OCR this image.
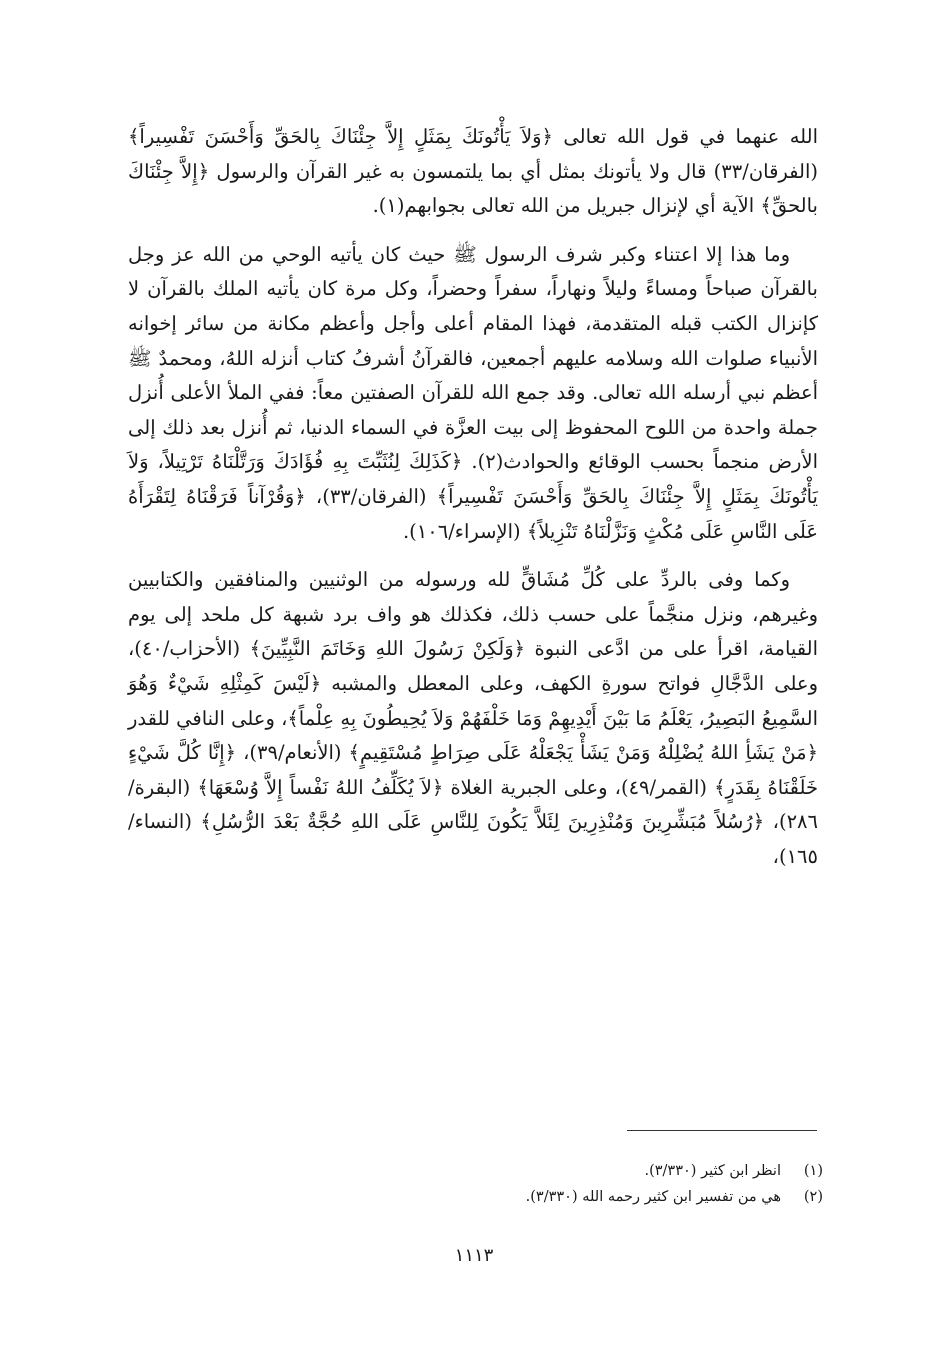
الله عنهما في قول الله تعالى ﴿وَلاَ يَأْتُونَكَ بِمَثَلٍ إِلاَّ جِئْنَاكَ بِالحَقِّ وَأَحْسَنَ تَفْسِيراً﴾ (الفرقان/٣٣) قال ولا يأتونك بمثل أي بما يلتمسون به غير القرآن والرسول ﴿إِلاَّ جِئْنَاكَ بالحقِّ﴾ الآية أي لإنزال جبريل من الله تعالى بجوابهم(١).

وما هذا إلا اعتناء وكبر شرف الرسول ﷺ حيث كان يأتيه الوحي من الله عز وجل بالقرآن صباحاً ومساءً وليلاً ونهاراً، سفراً وحضراً، وكل مرة كان يأتيه الملك بالقرآن لا كإنزال الكتب قبله المتقدمة، فهذا المقام أعلى وأجل وأعظم مكانة من سائر إخوانه الأنبياء صلوات الله وسلامه عليهم أجمعين، فالقرآنُ أشرفُ كتاب أنزله اللهُ، ومحمدٌ ﷺ أعظم نبي أرسله الله تعالى. وقد جمع الله للقرآن الصفتين معاً: ففي الملأ الأعلى أُنزل جملة واحدة من اللوح المحفوظ إلى بيت العزَّة في السماء الدنيا، ثم أُنزل بعد ذلك إلى الأرض منجماً بحسب الوقائع والحوادث(٢). ﴿كَذَلِكَ لِنُثَبِّتَ بِهِ فُؤَادَكَ وَرَتَّلْنَاهُ تَرْتِيلاً، وَلاَ يَأْتُونَكَ بِمَثَلٍ إِلاَّ جِئْنَاكَ بِالحَقِّ وَأَحْسَنَ تَفْسِيراً﴾ (الفرقان/٣٣)، ﴿وَقُرْآناً فَرَقْنَاهُ لِتَقْرَأَهُ عَلَى النَّاسِ عَلَى مُكْثٍ وَنَزَّلْنَاهُ تَنْزِيلاً﴾ (الإسراء/١٠٦).

وكما وفى بالردِّ على كُلِّ مُشَاقٍّ لله ورسوله من الوثنيين والمنافقين والكتابيين وغيرهم، ونزل منجَّماً على حسب ذلك، فكذلك هو واف برد شبهة كل ملحد إلى يوم القيامة، اقرأ على من ادَّعى النبوة ﴿وَلَكِنْ رَسُولَ اللهِ وَخَاتَمَ النَّبِيِّينَ﴾ (الأحزاب/٤٠)، وعلى الدَّجَّالِ فواتح سورةِ الكهف، وعلى المعطل والمشبه ﴿لَيْسَ كَمِثْلِهِ شَيْءٌ وَهُوَ السَّمِيعُ البَصِيرُ، يَعْلَمُ مَا بَيْنَ أَيْدِيهِمْ وَمَا خَلْفَهُمْ وَلاَ يُحِيطُونَ بِهِ عِلْماً﴾، وعلى النافي للقدر ﴿مَنْ يَشَأِ اللهُ يُضْلِلْهُ وَمَنْ يَشَأْ يَجْعَلْهُ عَلَى صِرَاطٍ مُسْتَقِيمٍ﴾ (الأنعام/٣٩)، ﴿إِنَّا كُلَّ شَيْءٍ خَلَقْنَاهُ بِقَدَرٍ﴾ (القمر/٤٩)، وعلى الجبرية الغلاة ﴿لاَ يُكَلِّفُ اللهُ نَفْساً إِلاَّ وُسْعَهَا﴾ (البقرة/٢٨٦)، ﴿رُسُلاً مُبَشِّرِينَ وَمُنْذِرِينَ لِئَلاَّ يَكُونَ لِلنَّاسِ عَلَى اللهِ حُجَّةٌ بَعْدَ الرُّسُلِ﴾ (النساء/١٦٥)،

(١)
انظر ابن كثير (٣/٣٣٠).
(٢)
هي من تفسير ابن كثير رحمه الله (٣/٣٣٠).
١١١٣
